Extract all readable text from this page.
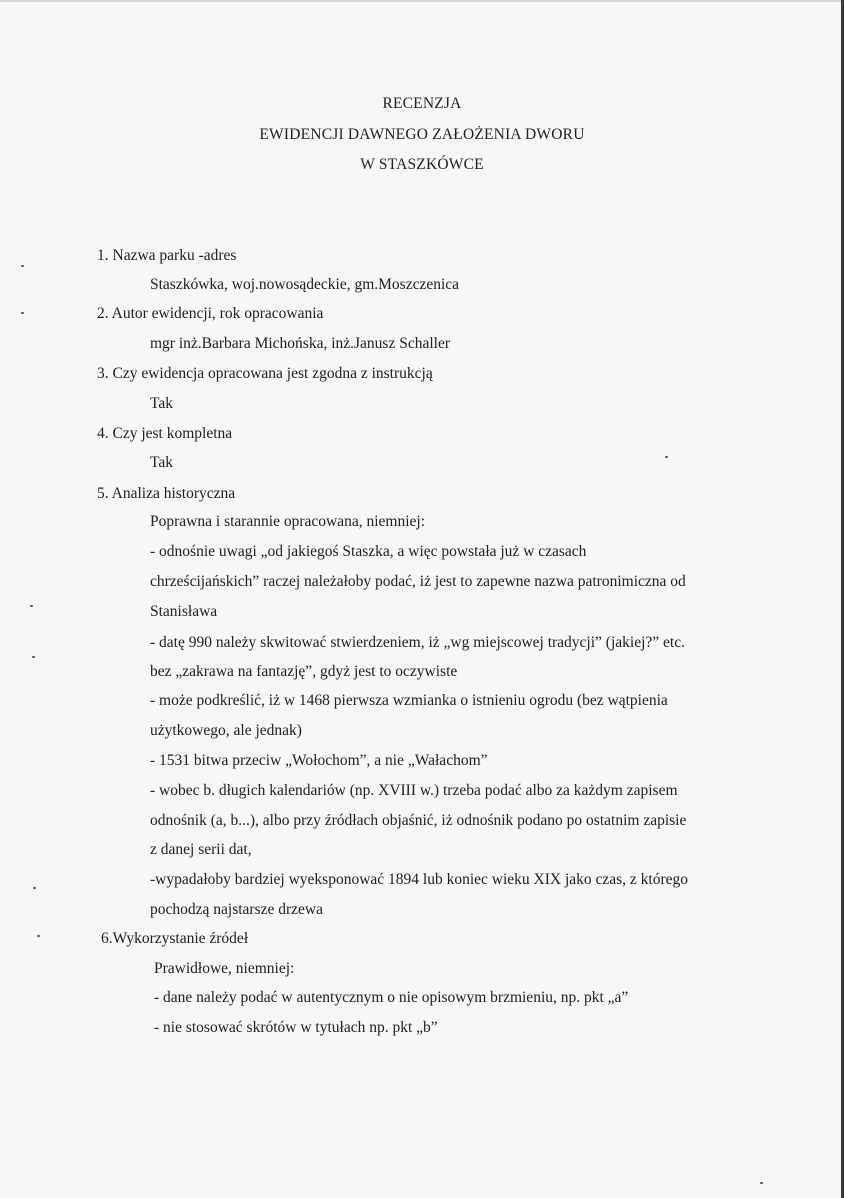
RECENZJA
EWIDENCJI DAWNEGO ZAŁOŻENIA DWORU
W STASZKÓWCE
1. Nazwa parku -adres
Staszkówka, woj.nowosądeckie, gm.Moszczenica
2. Autor ewidencji, rok opracowania
mgr inż.Barbara Michońska, inż.Janusz Schaller
3. Czy ewidencja opracowana jest zgodna z instrukcją
Tak
4. Czy jest kompletna
Tak
5. Analiza historyczna
Poprawna i starannie opracowana, niemniej:
- odnośnie uwagi „od jakiegoś Staszka, a więc powstała już w czasach
chrześcijańskich” raczej należałoby podać, iż jest to zapewne nazwa patronimiczna od
Stanisława
- datę 990 należy skwitować stwierdzeniem, iż „wg miejscowej tradycji” (jakiej?” etc.
bez „zakrawa na fantazję”, gdyż jest to oczywiste
- może podkreślić, iż w 1468 pierwsza wzmianka o istnieniu ogrodu (bez wątpienia
użytkowego, ale jednak)
- 1531 bitwa przeciw „Wołochom”, a nie „Wałachom”
- wobec b. długich kalendariów (np. XVIII w.) trzeba podać albo za każdym zapisem
odnośnik (a, b...), albo przy źródłach objaśnić, iż odnośnik podano po ostatnim zapisie
z danej serii dat,
-wypadałoby bardziej wyeksponować 1894 lub koniec wieku XIX jako czas, z którego
pochodzą najstarsze drzewa
6.Wykorzystanie źródeł
Prawidłowe, niemniej:
- dane należy podać w autentycznym o nie opisowym brzmieniu, np. pkt „a”
- nie stosować skrótów w tytułach np. pkt „b”
